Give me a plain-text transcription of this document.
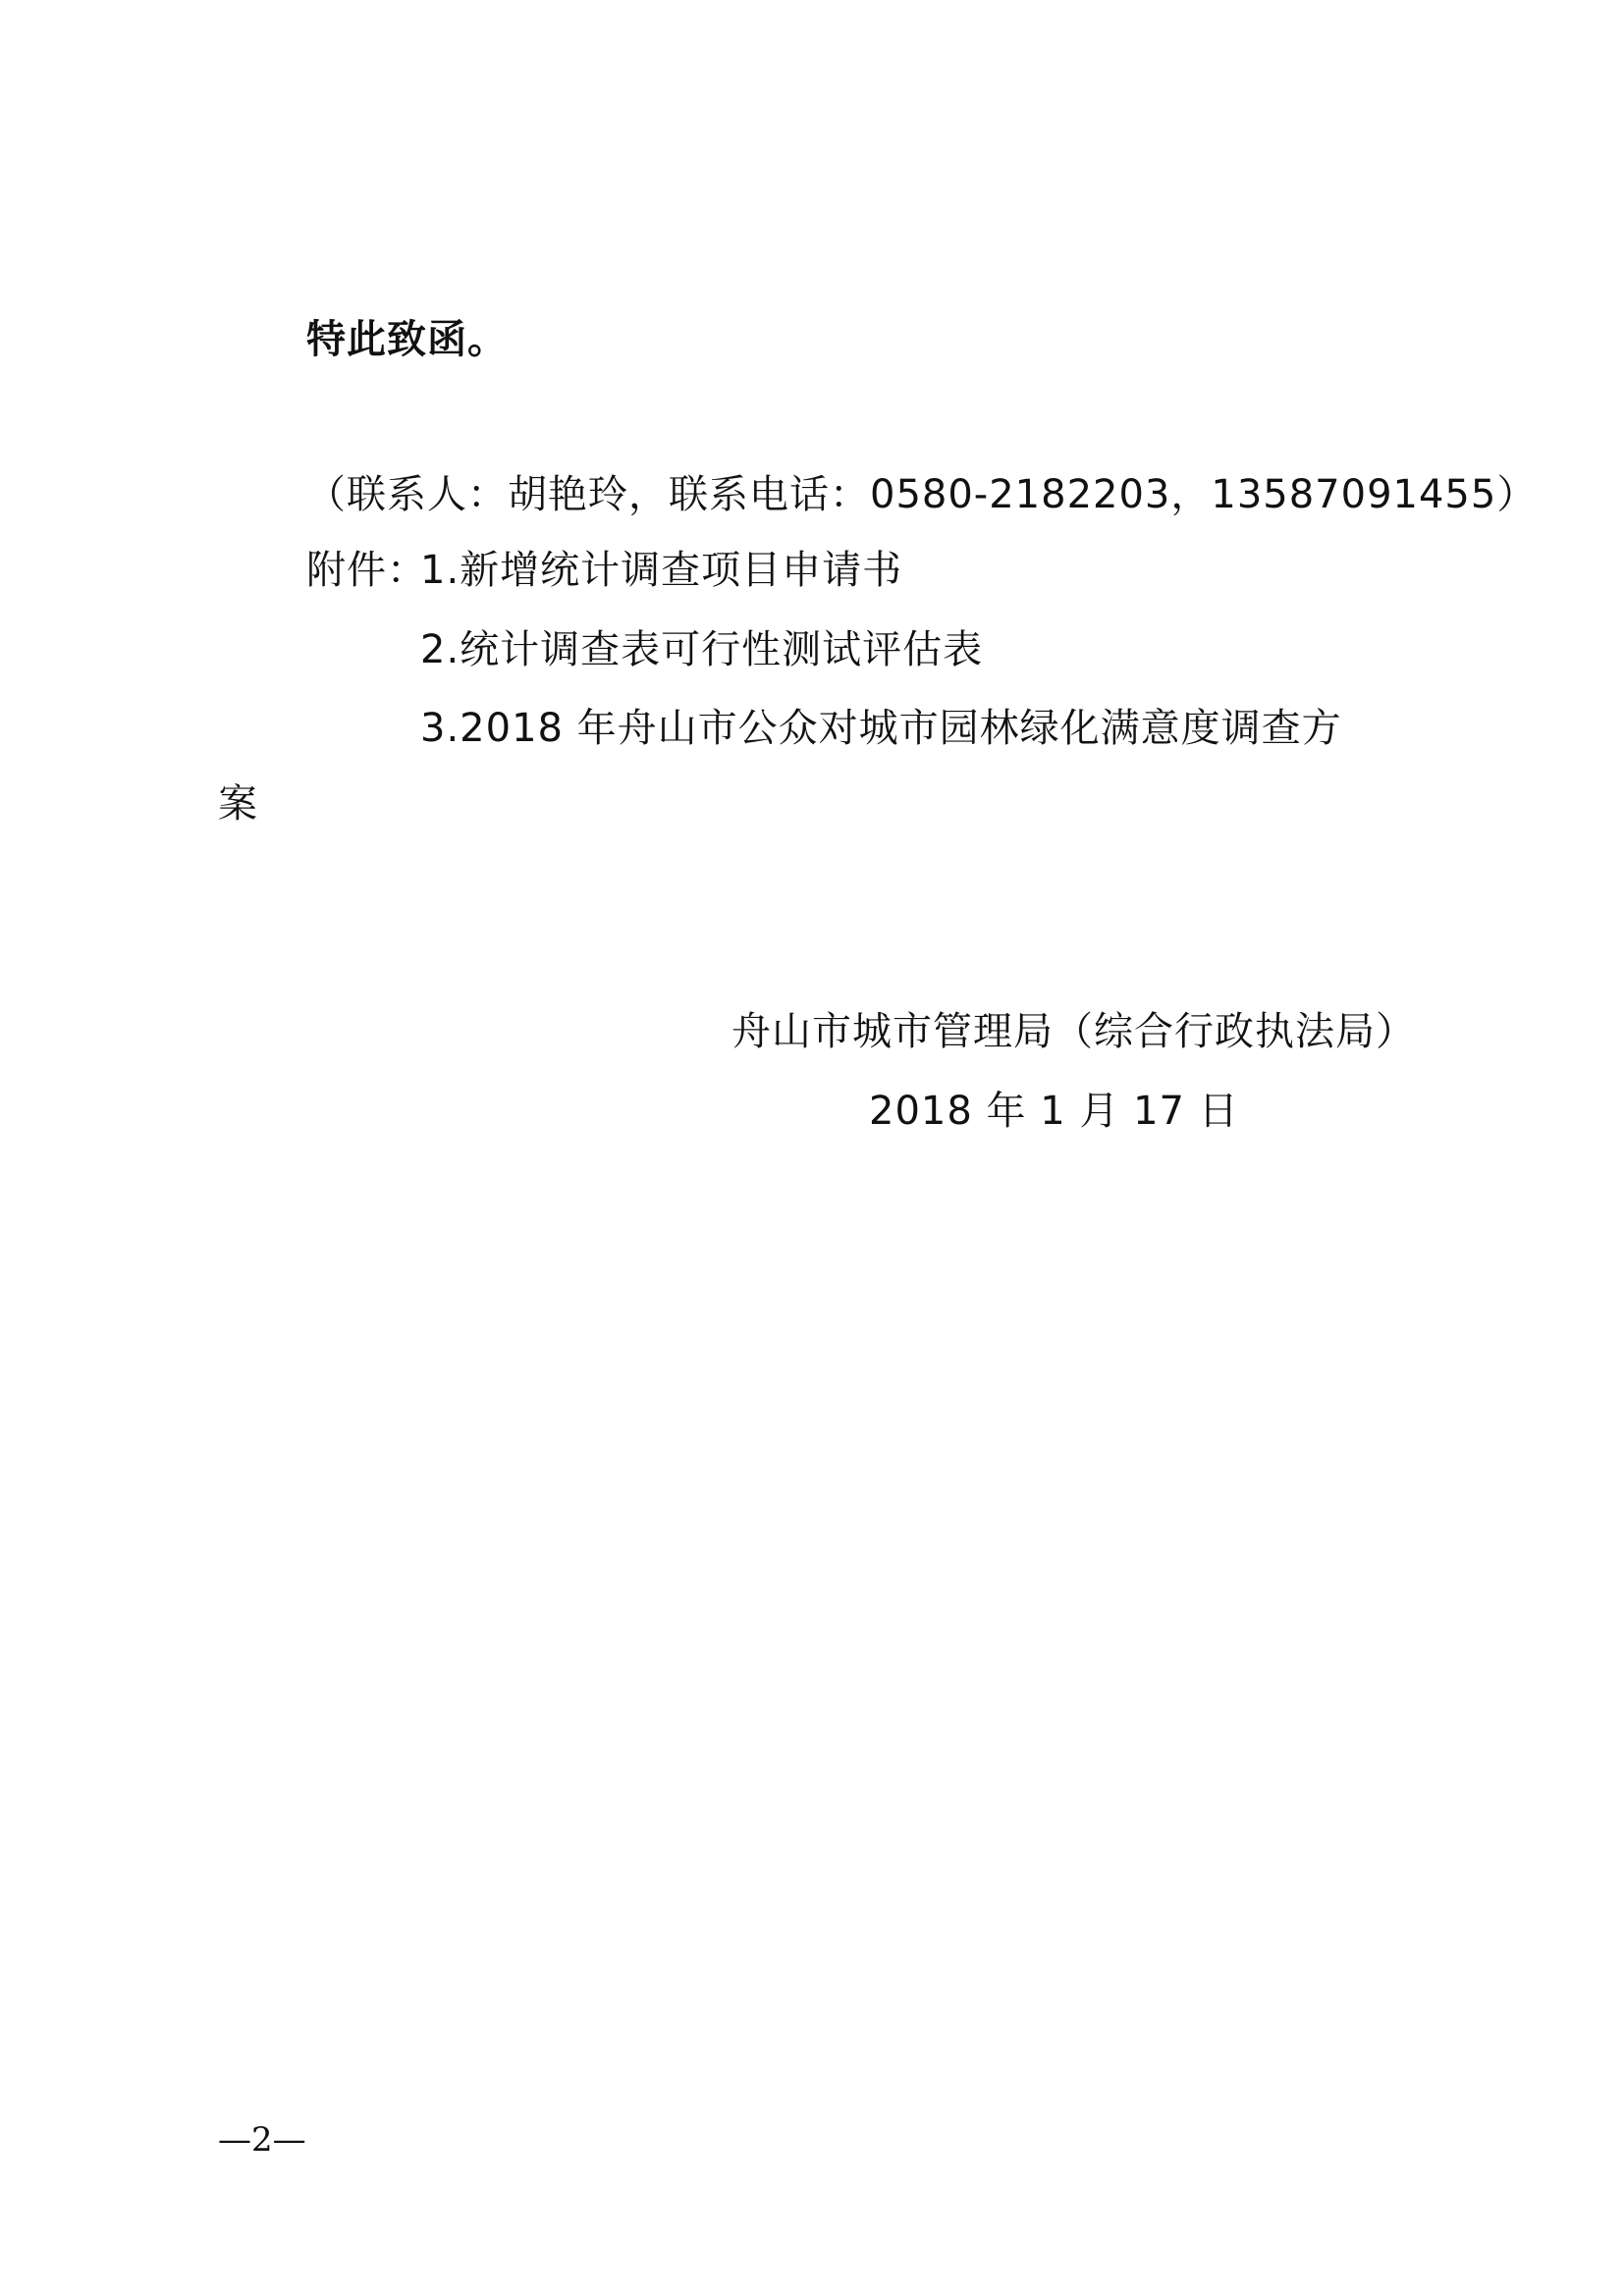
特此致函。
（联系人：胡艳玲，联系电话：0580-2182203，13587091455）
附件：
1.新增统计调查项目申请书
2.统计调查表可行性测试评估表
3.2018 年舟山市公众对城市园林绿化满意度调查方
案
舟山市城市管理局（综合行政执法局）
2018 年 1 月 17 日
—2—
